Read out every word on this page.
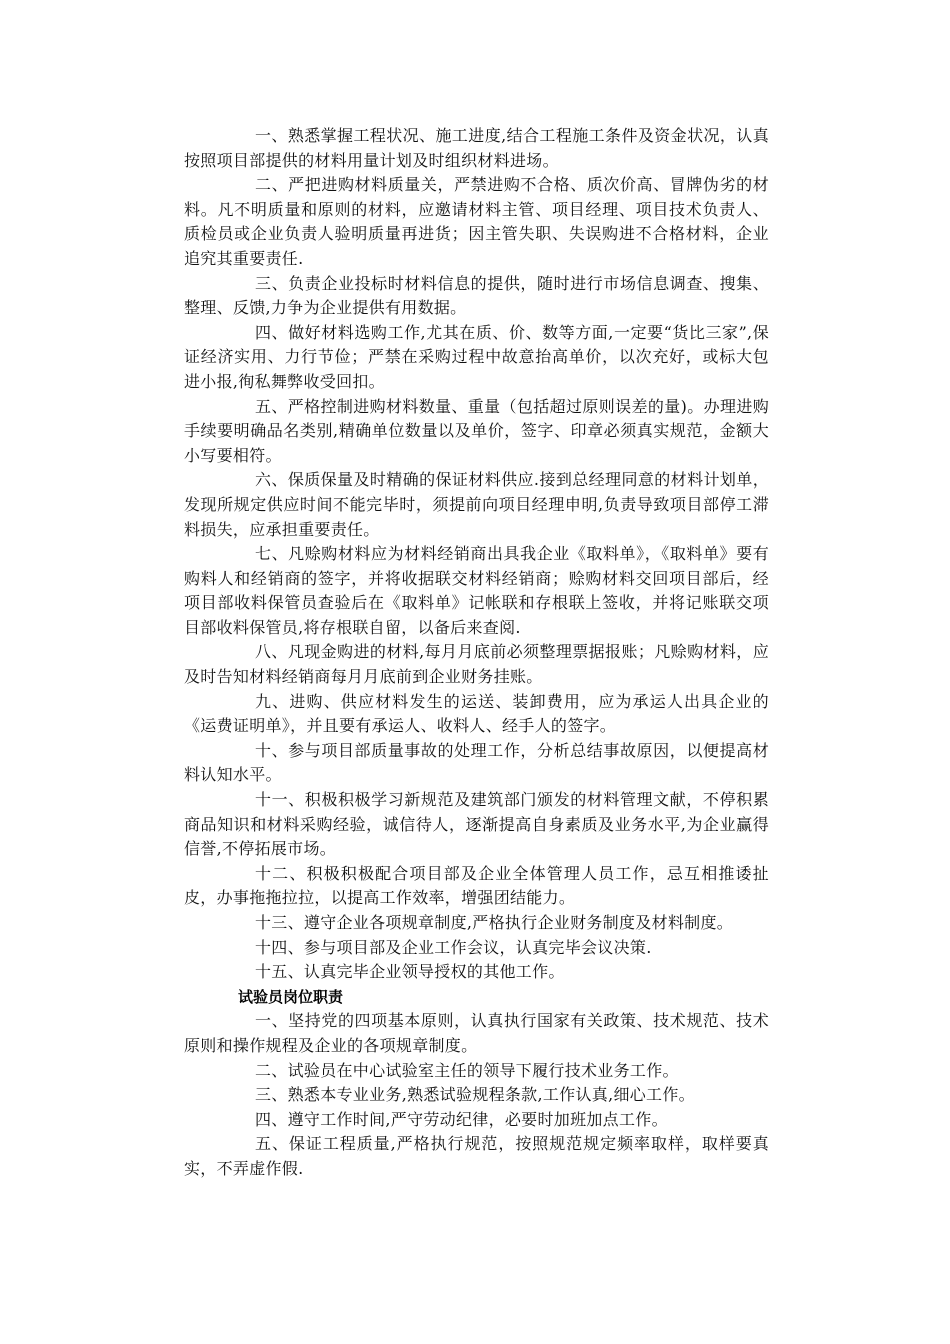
一、熟悉掌握工程状况、施工进度,结合工程施工条件及资金状况，认真按照项目部提供的材料用量计划及时组织材料进场。

二、严把进购材料质量关，严禁进购不合格、质次价高、冒牌伪劣的材料。凡不明质量和原则的材料，应邀请材料主管、项目经理、项目技术负责人、质检员或企业负责人验明质量再进货；因主管失职、失误购进不合格材料，企业追究其重要责任.

三、负责企业投标时材料信息的提供，随时进行市场信息调查、搜集、整理、反馈,力争为企业提供有用数据。

四、做好材料选购工作,尤其在质、价、数等方面,一定要“货比三家”,保证经济实用、力行节俭；严禁在采购过程中故意抬高单价，以次充好，或标大包进小报,徇私舞弊收受回扣。

五、严格控制进购材料数量、重量（包括超过原则误差的量)。办理进购手续要明确品名类别,精确单位数量以及单价，签字、印章必须真实规范，金额大小写要相符。

六、保质保量及时精确的保证材料供应.接到总经理同意的材料计划单，发现所规定供应时间不能完毕时，须提前向项目经理申明,负责导致项目部停工滞料损失，应承担重要责任。

七、凡赊购材料应为材料经销商出具我企业《取料单》，《取料单》要有购料人和经销商的签字，并将收据联交材料经销商；赊购材料交回项目部后，经项目部收料保管员查验后在《取料单》记帐联和存根联上签收，并将记账联交项目部收料保管员,将存根联自留，以备后来查阅.

八、凡现金购进的材料,每月月底前必须整理票据报账；凡赊购材料，应及时告知材料经销商每月月底前到企业财务挂账。

九、进购、供应材料发生的运送、装卸费用，应为承运人出具企业的《运费证明单》，并且要有承运人、收料人、经手人的签字。

十、参与项目部质量事故的处理工作，分析总结事故原因，以便提高材料认知水平。

十一、积极积极学习新规范及建筑部门颁发的材料管理文献，不停积累商品知识和材料采购经验，诚信待人，逐渐提高自身素质及业务水平,为企业赢得信誉,不停拓展市场。

十二、积极积极配合项目部及企业全体管理人员工作，忌互相推诿扯皮，办事拖拖拉拉，以提高工作效率，增强团结能力。

十三、遵守企业各项规章制度,严格执行企业财务制度及材料制度。

十四、参与项目部及企业工作会议，认真完毕会议决策.

十五、认真完毕企业领导授权的其他工作。

试验员岗位职责

一、坚持党的四项基本原则，认真执行国家有关政策、技术规范、技术原则和操作规程及企业的各项规章制度。

二、试验员在中心试验室主任的领导下履行技术业务工作。

三、熟悉本专业业务,熟悉试验规程条款,工作认真,细心工作。

四、遵守工作时间,严守劳动纪律，必要时加班加点工作。

五、保证工程质量,严格执行规范，按照规范规定频率取样，取样要真实，不弄虚作假.
